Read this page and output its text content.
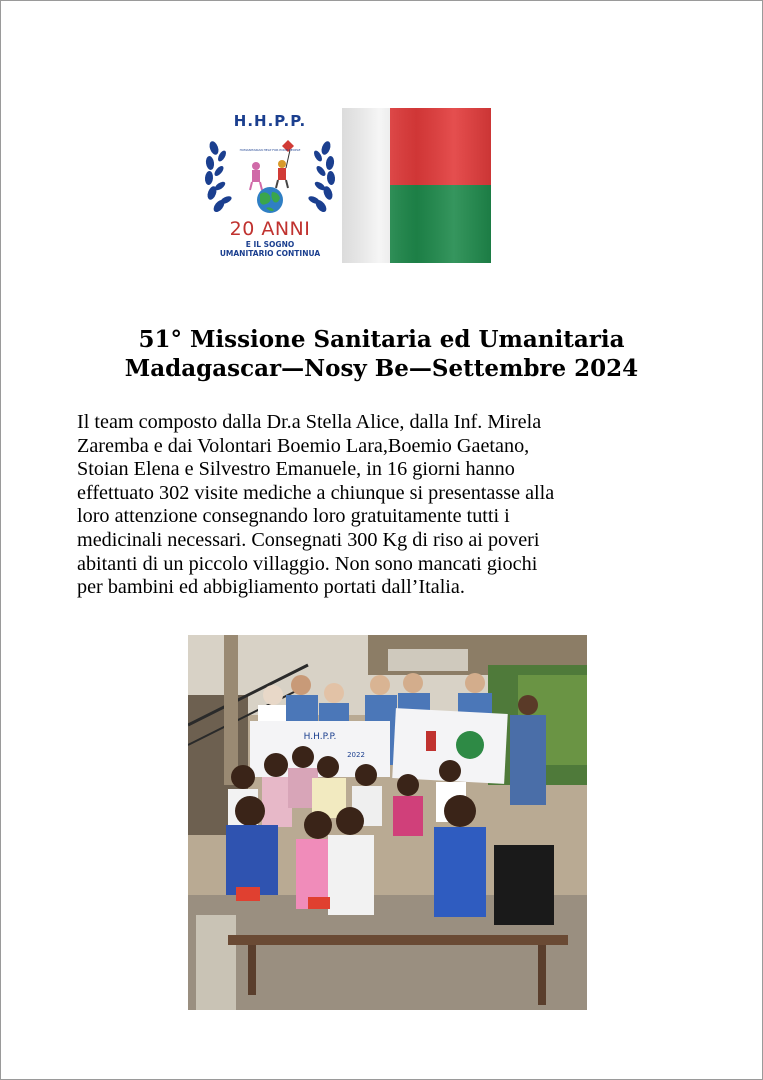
H.H.P.P.
HUMANITARIAN HELP FOR POOR PEOPLE
20 ANNI
E IL SOGNO
UMANITARIO CONTINUA
51° Missione Sanitaria ed Umanitaria
Madagascar—Nosy Be—Settembre 2024
Il team composto dalla Dr.a Stella Alice, dalla Inf. Mirela
Zaremba e dai Volontari Boemio Lara,Boemio Gaetano,
Stoian Elena e Silvestro Emanuele, in 16 giorni hanno
effettuato 302 visite mediche a chiunque si presentasse alla
loro attenzione consegnando loro gratuitamente tutti i
medicinali necessari. Consegnati 300 Kg di riso ai poveri
abitanti di un piccolo villaggio. Non sono mancati giochi
per bambini ed abbigliamento portati dall’Italia.
H.H.P.P.
2022
